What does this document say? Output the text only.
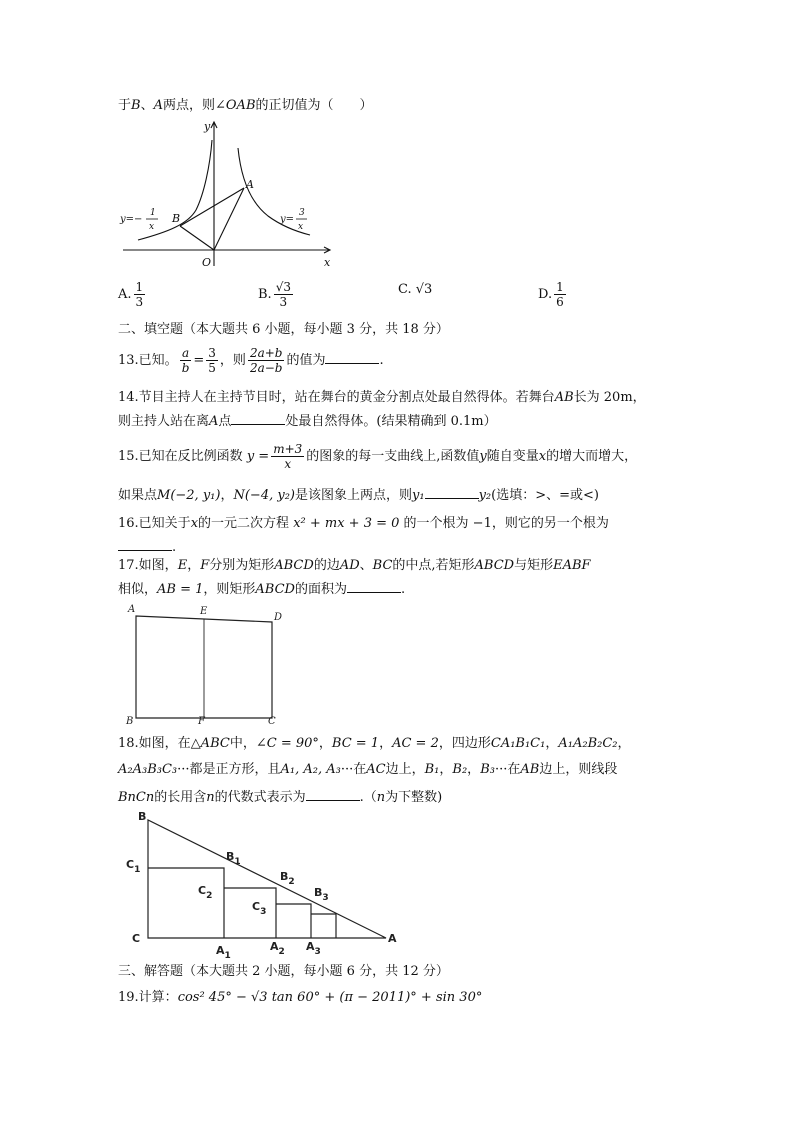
于B、A两点，则∠OAB的正切值为（　　）
y
x
O
A
B
y=−
1
x
y=
3
x
A. $\frac{1}{3}$	B. $\frac{√3}{3}$	C. √3	D. $\frac{1}{6}$
二、填空题（本大题共 6 小题，每小题 3 分，共 18 分）
13.已知。 $\frac{a}{b} = \frac{3}{5}$ ，则 $\frac{2a+b}{2a-b}$ 的值为	.
14.节目主持人在主持节目时，站在舞台的黄金分割点处最自然得体。若舞台AB长为 20m，
则主持人站在离A点	处最自然得体。(结果精确到 0.1m）
15.已知在反比例函数 $y = \frac{m+3}{x}$ 的图象的每一支曲线上,函数值y随自变量x的增大而增大，
如果点M(−2, y₁)，N(−4, y₂)是该图象上两点，则y₁	y₂(选填：>、=或<)
16.已知关于x的一元二次方程 x² + mx + 3 = 0 的一个根为 −1，则它的另一个根为
.
17.如图，E，F分别为矩形ABCD的边AD、BC的中点,若矩形ABCD与矩形EABF
相似，AB = 1，则矩形ABCD的面积为	.
A	E
D
B	F	C
18.如图，在△ABC中，∠C = 90°，BC = 1，AC = 2，四边形CA₁B₁C₁，A₁A₂B₂C₂，
A₂A₃B₃C₃···都是正方形，且A₁, A₂, A₃···在AC边上，B₁，B₂，B₃···在AB边上，则线段
BnCn的长用含n的代数式表示为	.（n为下整数)
B
$C_1$
$B_1$
$C_2$
$B_2$
$C_3$
$B_3$
C
$A_1$
$A_2$ $A_3$
A
三、解答题（本大题共 2 小题，每小题 6 分，共 12 分）
19.计算：cos² 45° − √3 tan 60° + (π − 2011)° + sin 30°
